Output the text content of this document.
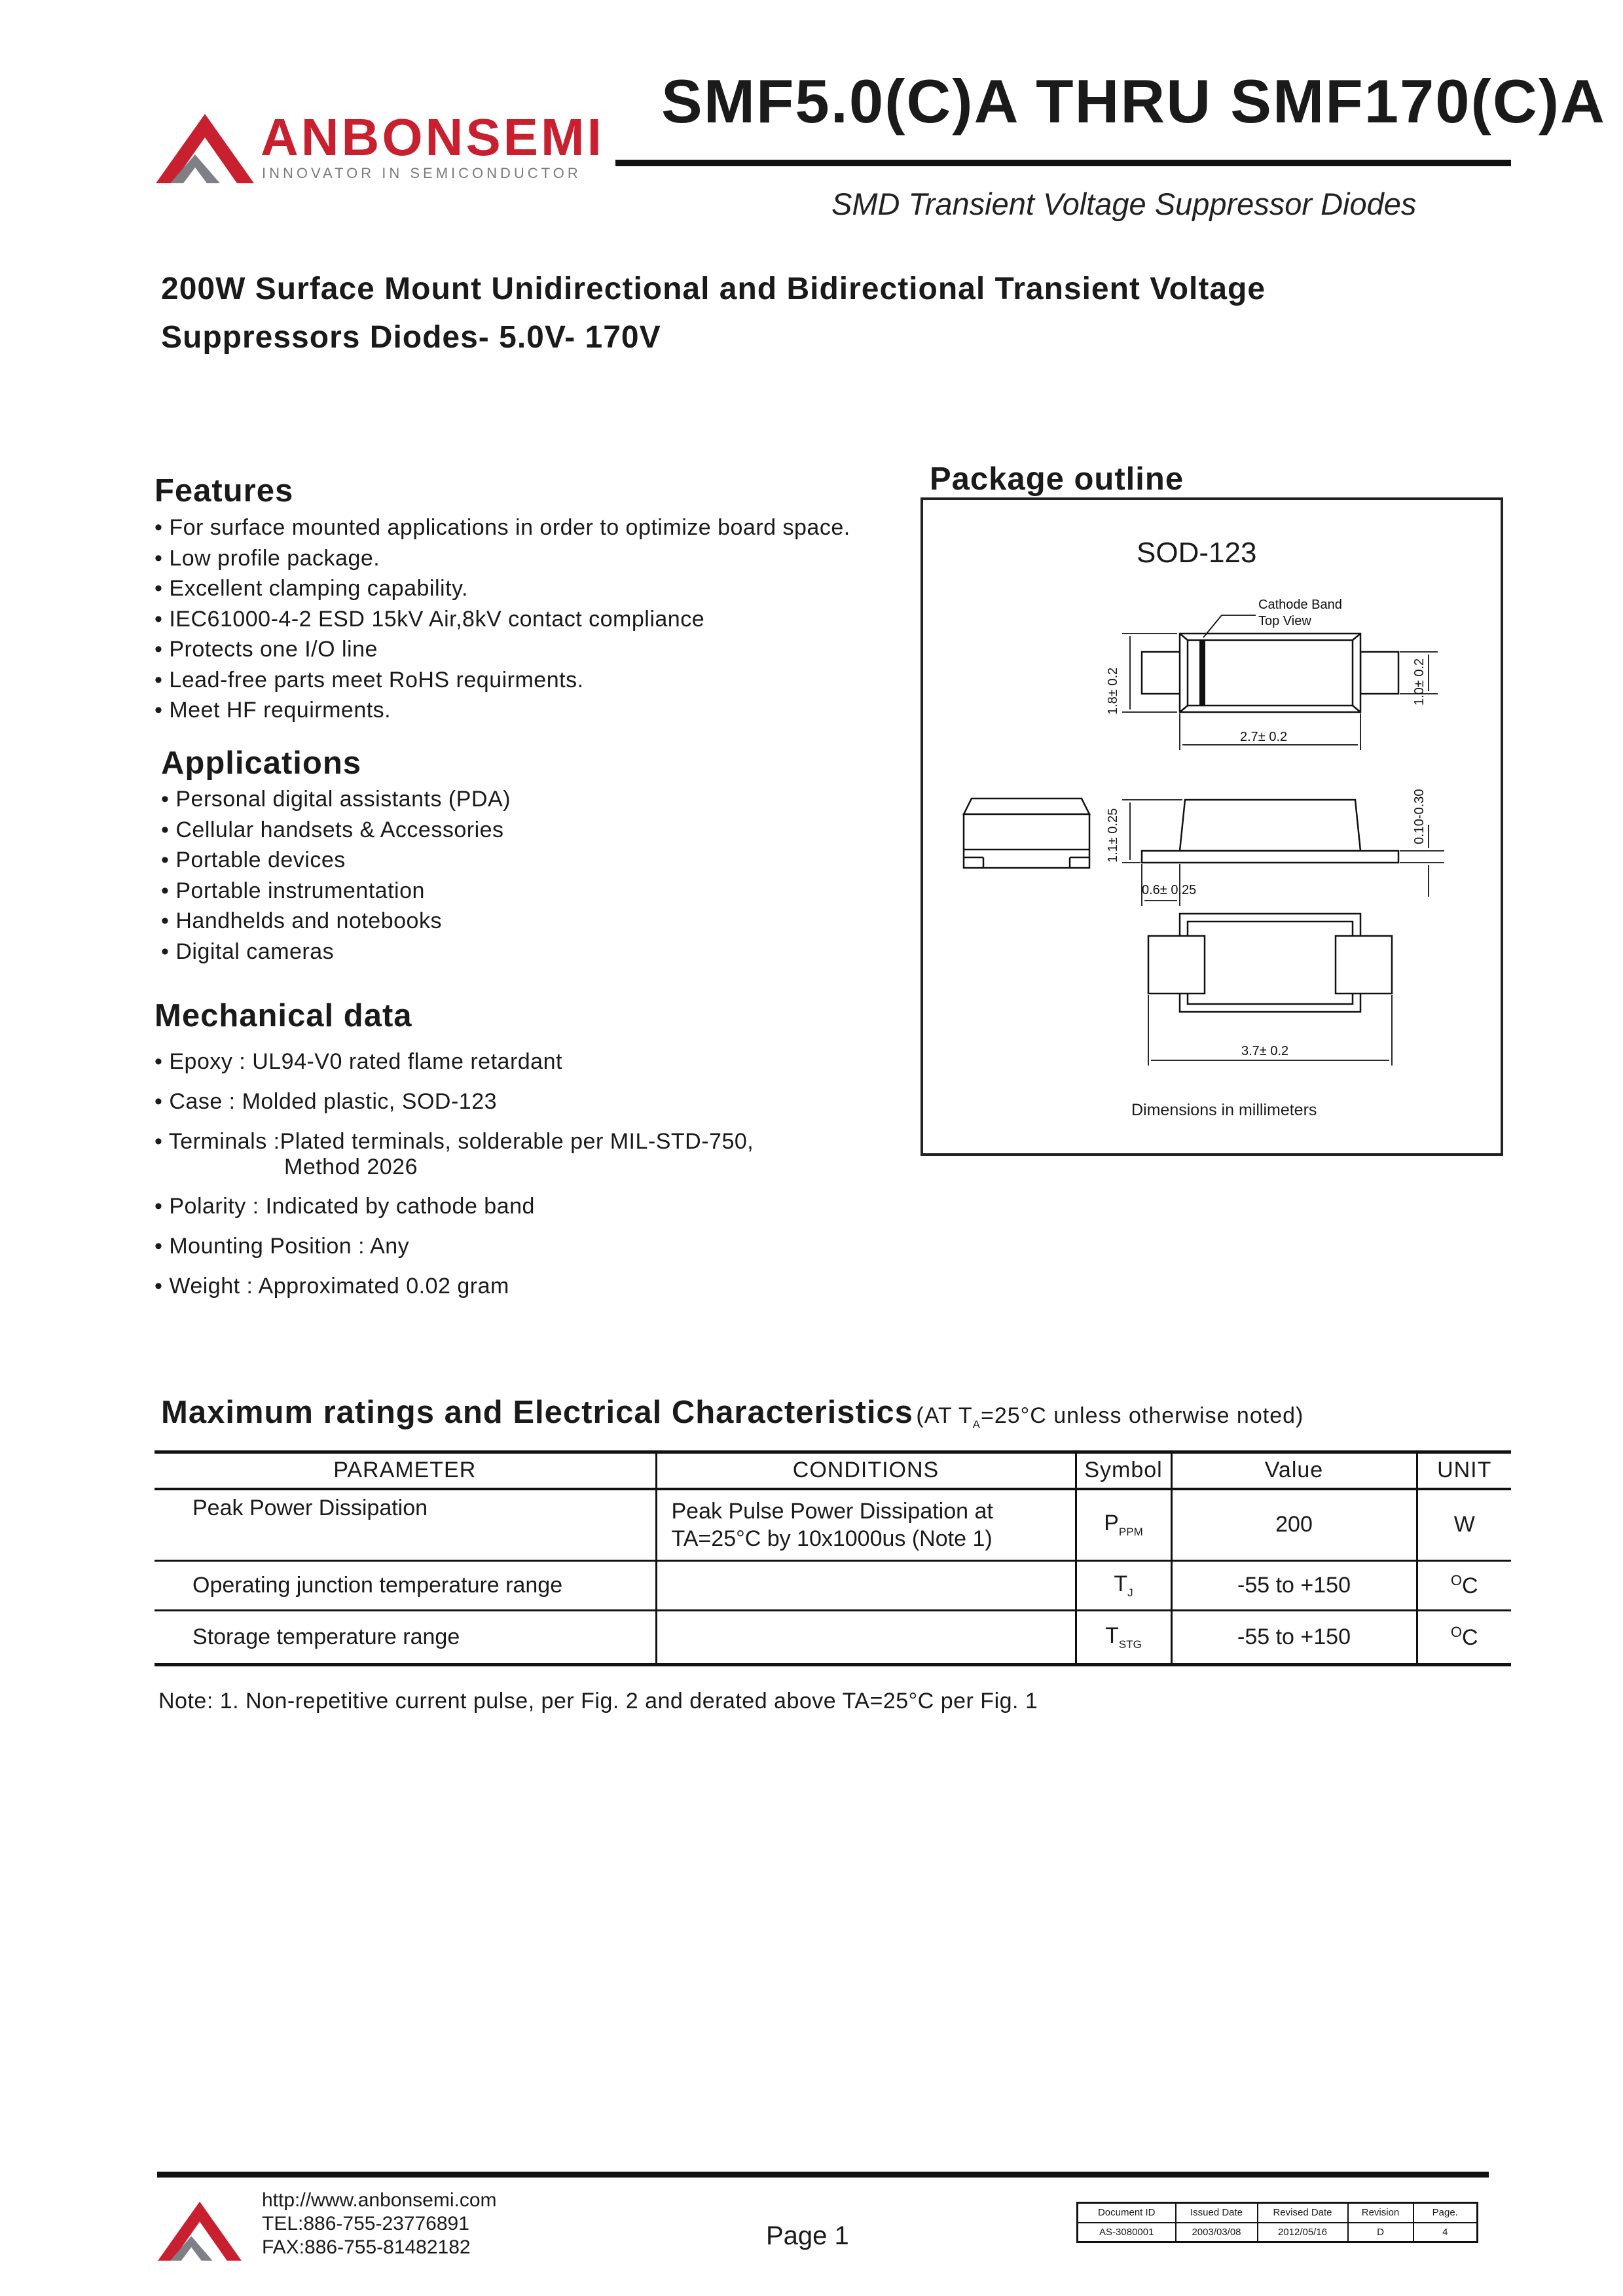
ANBONSEMI
INNOVATOR IN SEMICONDUCTOR
SMF5.0(C)A THRU SMF170(C)A
SMD Transient Voltage Suppressor Diodes
200W Surface Mount Unidirectional and Bidirectional Transient Voltage
Suppressors Diodes- 5.0V- 170V
Features
• For surface mounted applications in order to optimize board space.
• Low profile package.
• Excellent clamping capability.
• IEC61000-4-2 ESD 15kV Air,8kV contact compliance
• Protects one I/O line
• Lead-free parts meet RoHS requirments.
• Meet HF requirments.
Applications
• Personal digital assistants (PDA)
• Cellular handsets & Accessories
• Portable devices
• Portable instrumentation
• Handhelds and notebooks
• Digital cameras
Mechanical data
• Epoxy : UL94-V0 rated flame retardant
• Case : Molded plastic, SOD-123
• Terminals :Plated terminals, solderable per MIL-STD-750,
Method 2026
• Polarity : Indicated by cathode band
• Mounting Position : Any
• Weight : Approximated 0.02 gram
Package outline
SOD-123
Cathode Band
Top View
1.8± 0.2	1.0± 0.2
2.7± 0.2
1.1± 0.25	0.10-0.30
0.6± 0.25
3.7± 0.2
Dimensions in millimeters
Maximum ratings and Electrical Characteristics (AT $T_A=25^\circ C$ unless otherwise noted)
PARAMETER	CONDITIONS	Symbol	Value	UNIT
Peak Power Dissipation	Peak Pulse Power Dissipation at
TA=25°C by 10x1000us (Note 1)	$P_{PPM}$	200	W
Operating junction temperature range		$T_J$	-55 to +150	$^O$C
Storage temperature range		$T_{STG}$	-55 to +150	$^O$C
Note: 1. Non-repetitive current pulse, per Fig. 2 and derated above TA=25°C per Fig. 1
http://www.anbonsemi.com
TEL:886-755-23776891
FAX:886-755-81482182	Page 1
Document ID	Issued Date	Revised Date	Revision	Page.
AS-3080001	2003/03/08	2012/05/16	D	4
